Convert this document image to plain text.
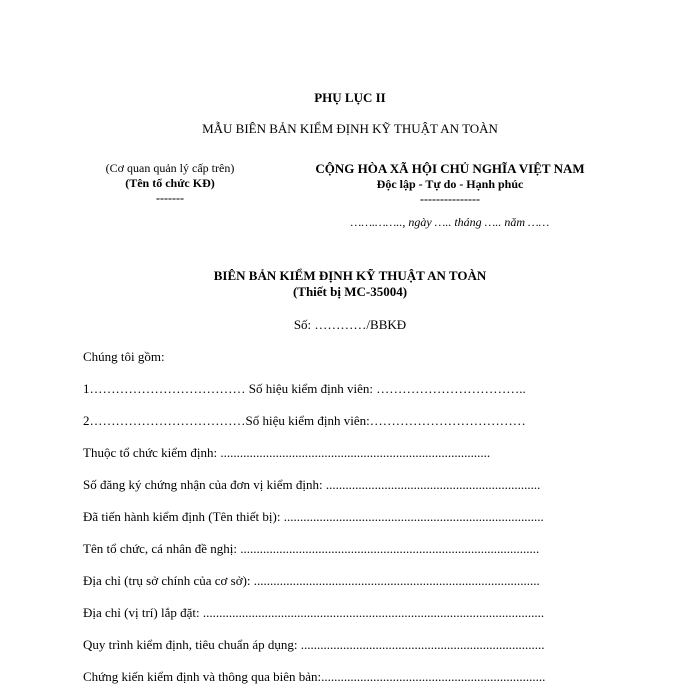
PHỤ LỤC II
MẪU BIÊN BẢN KIỂM ĐỊNH KỸ THUẬT AN TOÀN
(Cơ quan quản lý cấp trên)
(Tên tổ chức KĐ)
-------
CỘNG HÒA XÃ HỘI CHỦ NGHĨA VIỆT NAM
Độc lập - Tự do - Hạnh phúc
---------------
…….…….., ngày ….. tháng ….. năm ……
BIÊN BẢN KIỂM ĐỊNH KỸ THUẬT AN TOÀN
(Thiết bị MC-35004)
Số: …………/BBKĐ
Chúng tôi gồm:
1……………………………… Số hiệu kiểm định viên: ……………………………..
2………………………………Số hiệu kiểm định viên:………………………………
Thuộc tổ chức kiểm định: ...................................................................................
Số đăng ký chứng nhận của đơn vị kiểm định: ..................................................................
Đã tiến hành kiểm định (Tên thiết bị): ................................................................................
Tên tổ chức, cá nhân đề nghị: ............................................................................................
Địa chỉ (trụ sở chính của cơ sở): ........................................................................................
Địa chỉ (vị trí) lắp đặt: .........................................................................................................
Quy trình kiểm định, tiêu chuẩn áp dụng: ...........................................................................
Chứng kiến kiểm định và thông qua biên bản:.....................................................................
